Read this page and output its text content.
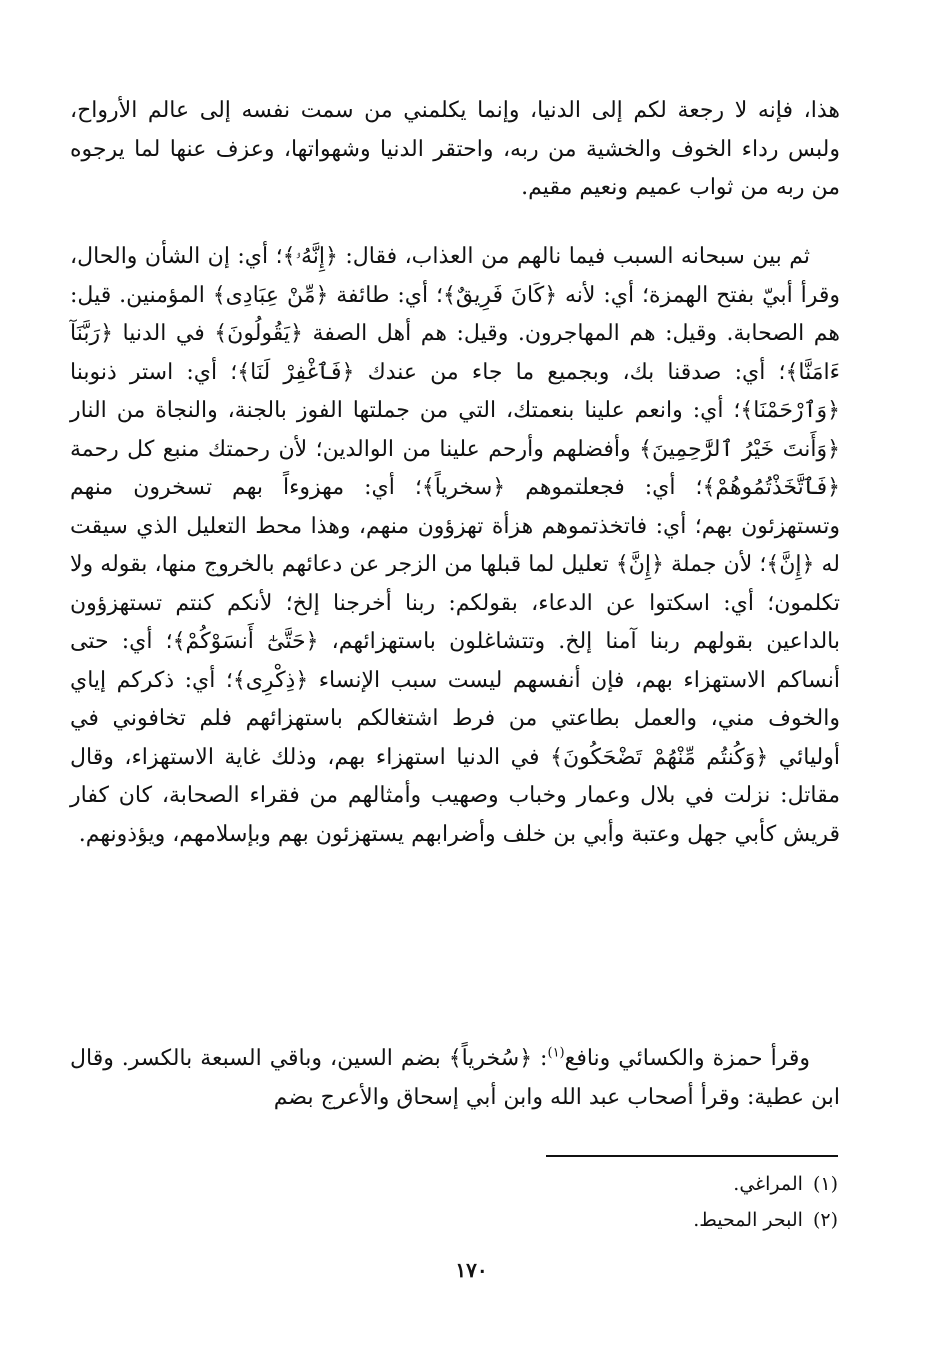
هذا، فإنه لا رجعة لكم إلى الدنيا، وإنما يكلمني من سمت نفسه إلى عالم الأرواح، ولبس رداء الخوف والخشية من ربه، واحتقر الدنيا وشهواتها، وعزف عنها لما يرجوه من ربه من ثواب عميم ونعيم مقيم.

ثم بين سبحانه السبب فيما نالهم من العذاب، فقال: ﴿إِنَّهُۥ﴾؛ أي: إن الشأن والحال، وقرأ أبيّ بفتح الهمزة؛ أي: لأنه ﴿كَانَ فَرِيقٌ﴾؛ أي: طائفة ﴿مِّنْ عِبَادِى﴾ المؤمنين. قيل: هم الصحابة. وقيل: هم المهاجرون. وقيل: هم أهل الصفة ﴿يَقُولُونَ﴾ في الدنيا ﴿رَبَّنَآ ءَامَنَّا﴾؛ أي: صدقنا بك، وبجميع ما جاء من عندك ﴿فَٱغْفِرْ لَنَا﴾؛ أي: استر ذنوبنا ﴿وَٱرْحَمْنَا﴾؛ أي: وانعم علينا بنعمتك، التي من جملتها الفوز بالجنة، والنجاة من النار ﴿وَأَنتَ خَيْرُ ٱلرَّٰحِمِينَ﴾ وأفضلهم وأرحم علينا من الوالدين؛ لأن رحمتك منبع كل رحمة ﴿فَٱتَّخَذْتُمُوهُمْ﴾؛ أي: فجعلتموهم ﴿سخرياً﴾؛ أي: مهزوءاً بهم تسخرون منهم وتستهزئون بهم؛ أي: فاتخذتموهم هزأة تهزؤون منهم، وهذا محط التعليل الذي سيقت له ﴿إِنَّ﴾؛ لأن جملة ﴿إِنَّ﴾ تعليل لما قبلها من الزجر عن دعائهم بالخروج منها، بقوله ولا تكلمون؛ أي: اسكتوا عن الدعاء، بقولكم: ربنا أخرجنا إلخ؛ لأنكم كنتم تستهزؤون بالداعين بقولهم ربنا آمنا إلخ. وتتشاغلون باستهزائهم، ﴿حَتَّىٰٓ أَنسَوْكُمْ﴾؛ أي: حتى أنساكم الاستهزاء بهم، فإن أنفسهم ليست سبب الإنساء ﴿ذِكْرِى﴾؛ أي: ذكركم إياي والخوف مني، والعمل بطاعتي من فرط اشتغالكم باستهزائهم فلم تخافوني في أوليائي ﴿وَكُنتُم مِّنْهُمْ تَضْحَكُونَ﴾ في الدنيا استهزاء بهم، وذلك غاية الاستهزاء، وقال مقاتل: نزلت في بلال وعمار وخباب وصهيب وأمثالهم من فقراء الصحابة، كان كفار قريش كأبي جهل وعتبة وأبي بن خلف وأضرابهم يستهزئون بهم وبإسلامهم، ويؤذونهم.

وقرأ حمزة والكسائي ونافع$^{(١)}$: ﴿سُخرياً﴾ بضم السين، وباقي السبعة بالكسر. وقال ابن عطية: وقرأ أصحاب عبد الله وابن أبي إسحاق والأعرج بضم

(١)المراغي.
(٢)البحر المحيط.
١٧٠
